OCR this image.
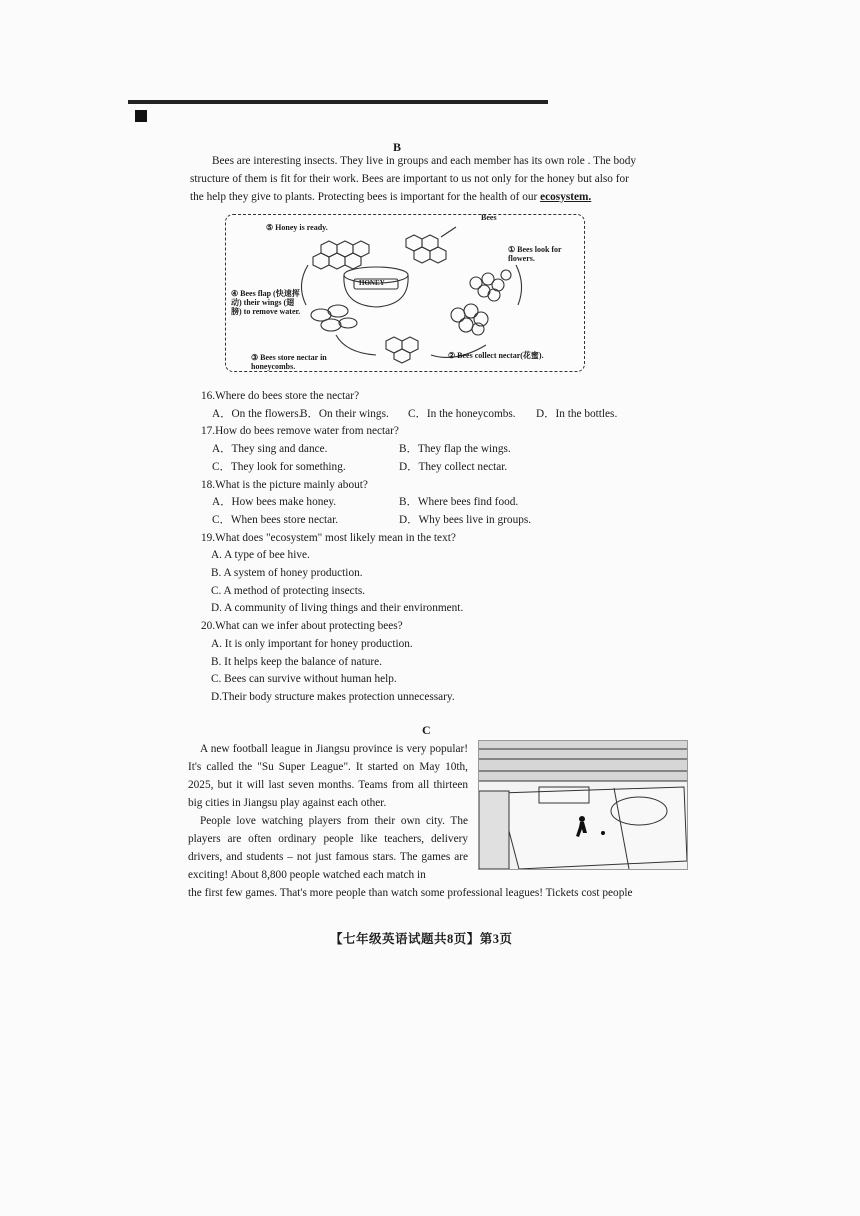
B
Bees are interesting insects. They live in groups and each member has its own role . The body
structure of them is fit for their work. Bees are important to us not only for the honey but also for
the help they give to plants. Protecting bees is important for the health of our ecosystem.
Bees
⑤ Honey is ready.
HONEY
① Bees look for flowers.
④ Bees flap (快速挥动) their wings (翅膀) to remove water.
③ Bees store nectar in honeycombs.
② Bees collect nectar(花蜜).
16.Where do bees store the nectar?
A．On the flowers.
B．On their wings.	C．In the honeycombs.	D．In the bottles.
17.How do bees remove water from nectar?
A．They sing and dance.	B．They flap the wings.
C．They look for something.	D．They collect nectar.
18.What is the picture mainly about?
A．How bees make honey.	B．Where bees find food.
C．When bees store nectar.	D．Why bees live in groups.
19.What does "ecosystem" most likely mean in the text?
A. A type of bee hive.
B. A system of honey production.
C. A method of protecting insects.
D. A community of living things and their environment.
20.What can we infer about protecting bees?
A. It is only important for honey production.
B. It helps keep the balance of nature.
C. Bees can survive without human help.
D.Their body structure makes protection unnecessary.
C
A new football league in Jiangsu province is very popular! It's called the "Su Super League". It started on May 10th, 2025, but it will last seven months. Teams from all thirteen big cities in Jiangsu play against each other.
People love watching players from their own city. The players are often ordinary people like teachers, delivery drivers, and students – not just famous stars. The games are exciting! About 8,800 people watched each match in
the first few games. That's more people than watch some professional leagues! Tickets cost people
【七年级英语试题共8页】第3页
